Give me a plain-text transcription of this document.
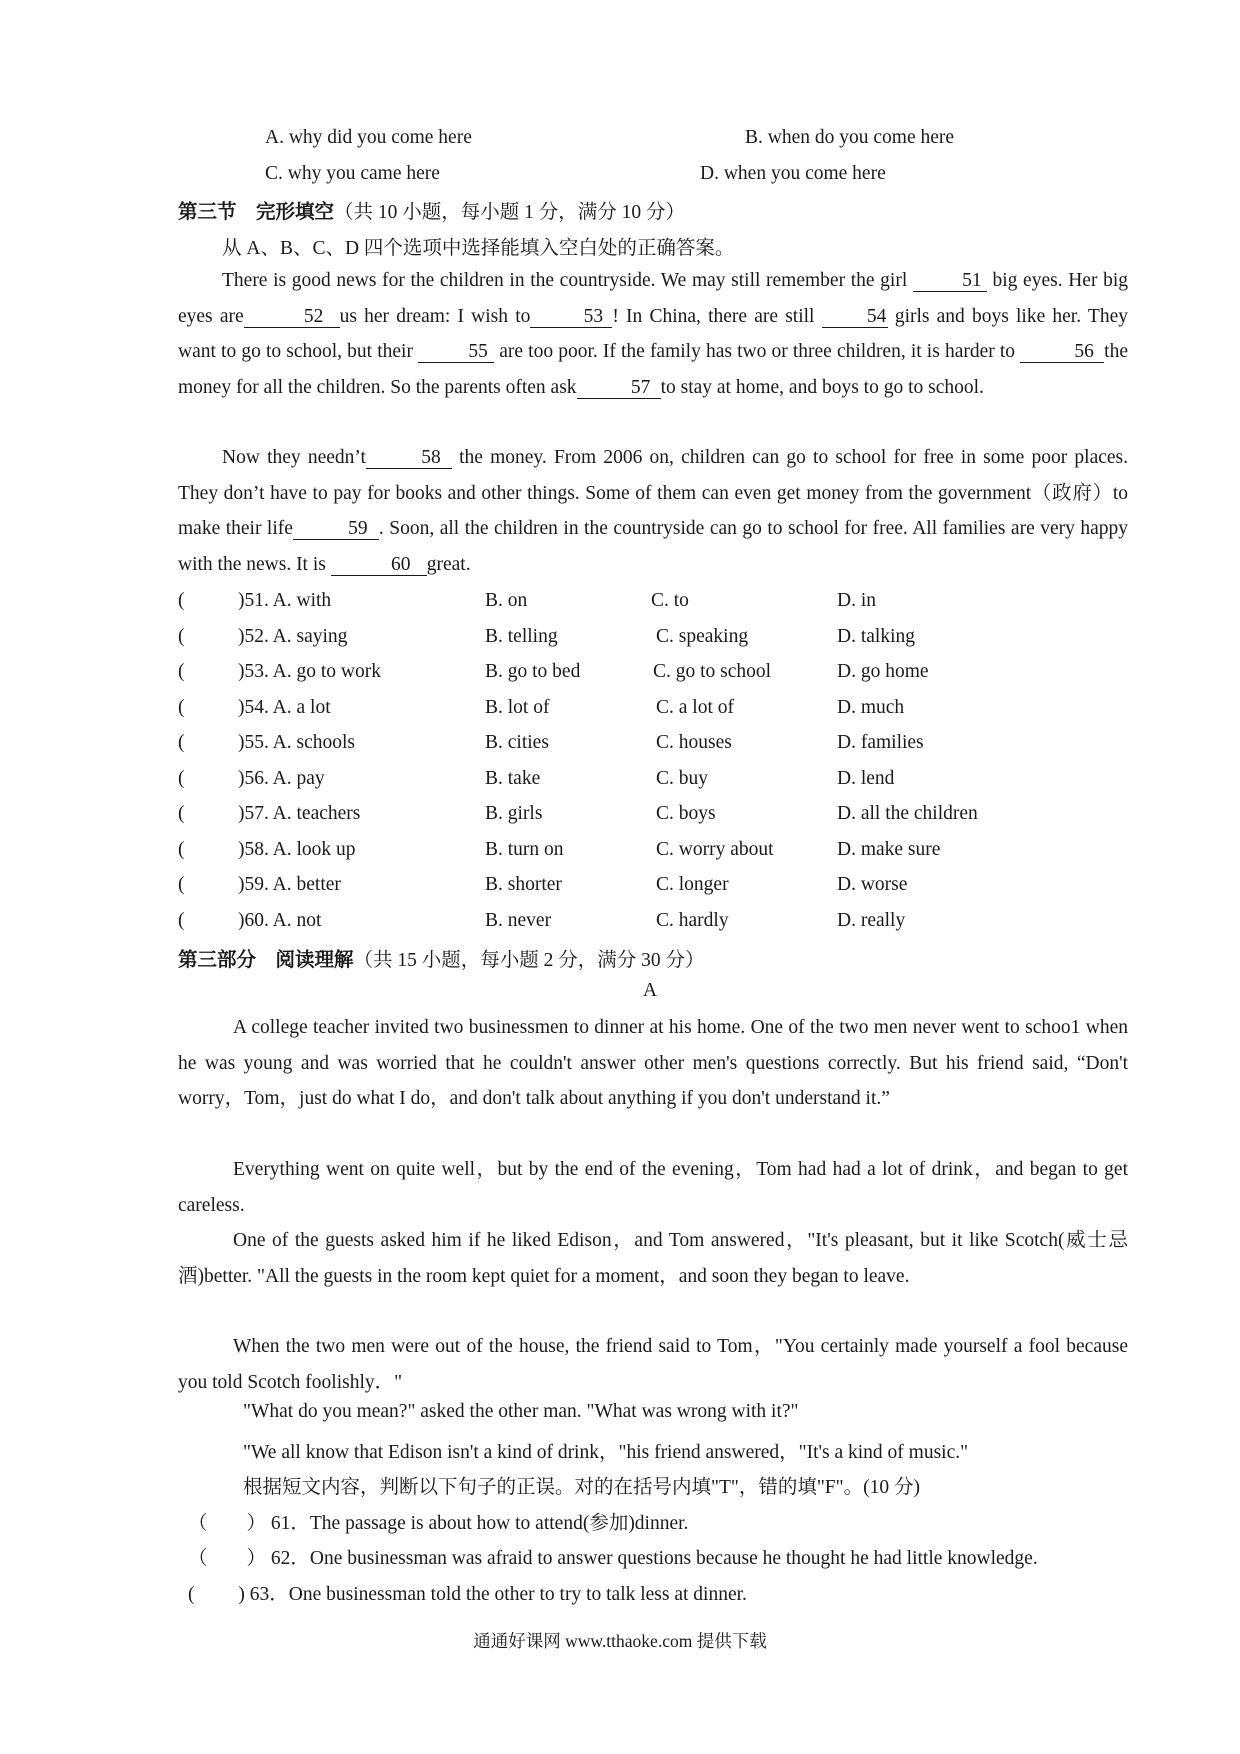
A. why did you come here	B. when do you come here
C. why you came here	D. when you come here
第三节　完形填空（共 10 小题，每小题 1 分，满分 10 分）
从 A、B、C、D 四个选项中选择能填入空白处的正确答案。
There is good news for the children in the countryside. We may still remember the girl	51 big eyes. Her big eyes are	52 us her dream: I wish to	53 ! In China, there are still 54 girls and boys like her. They want to go to school, but their	55 are too poor. If the family has two or three children, it is harder to	56 the money for all the children. So the parents often ask	57 to stay at home, and boys to go to school.
Now they needn’t	58 the money. From 2006 on, children can go to school for free in some poor places. They don’t have to pay for books and other things. Some of them can even get money from the government（政府）to make their life	59 . Soon, all the children in the countryside can go to school for free. All families are very happy with the news. It is	60 great.
(	)51. A. with	B. on	C. to	D. in
(	)52. A. saying	B. telling	C. speaking	D. talking
(	)53. A. go to work	B. go to bed	C. go to school	D. go home
(	)54. A. a lot	B. lot of	C. a lot of	D. much
(	)55. A. schools	B. cities	C. houses	D. families
(	)56. A. pay	B. take	C. buy	D. lend
(	)57. A. teachers	B. girls	C. boys	D. all the children
(	)58. A. look up	B. turn on	C. worry about	D. make sure
(	)59. A. better	B. shorter	C. longer	D. worse
(	)60. A. not	B. never	C. hardly	D. really
第三部分　阅读理解（共 15 小题，每小题 2 分，满分 30 分）
A
A college teacher invited two businessmen to dinner at his home. One of the two men never went to schoo1 when he was young and was worried that he couldn't answer other men's questions correctly. But his friend said, “Don't worry，Tom，just do what I do，and don't talk about anything if you don't understand it.”
Everything went on quite well，but by the end of the evening，Tom had had a lot of drink，and began to get careless.
One of the guests asked him if he liked Edison，and Tom answered，"It's pleasant, but it like Scotch(威士忌酒)better. "All the guests in the room kept quiet for a moment，and soon they began to leave.
When the two men were out of the house, the friend said to Tom，"You certainly made yourself a fool because you told Scotch foolishly．"
"What do you mean?" asked the other man. "What was wrong with it?"
"We all know that Edison isn't a kind of drink，"his friend answered，"It's a kind of music."
根据短文内容，判断以下句子的正误。对的在括号内填"T"，错的填"F"。(10 分)
（　　） 61．The passage is about how to attend(参加)dinner.
（　　） 62．One businessman was afraid to answer questions because he thought he had little knowledge.
(　　 ) 63．One businessman told the other to try to talk less at dinner.
通通好课网 www.tthaoke.com 提供下载
